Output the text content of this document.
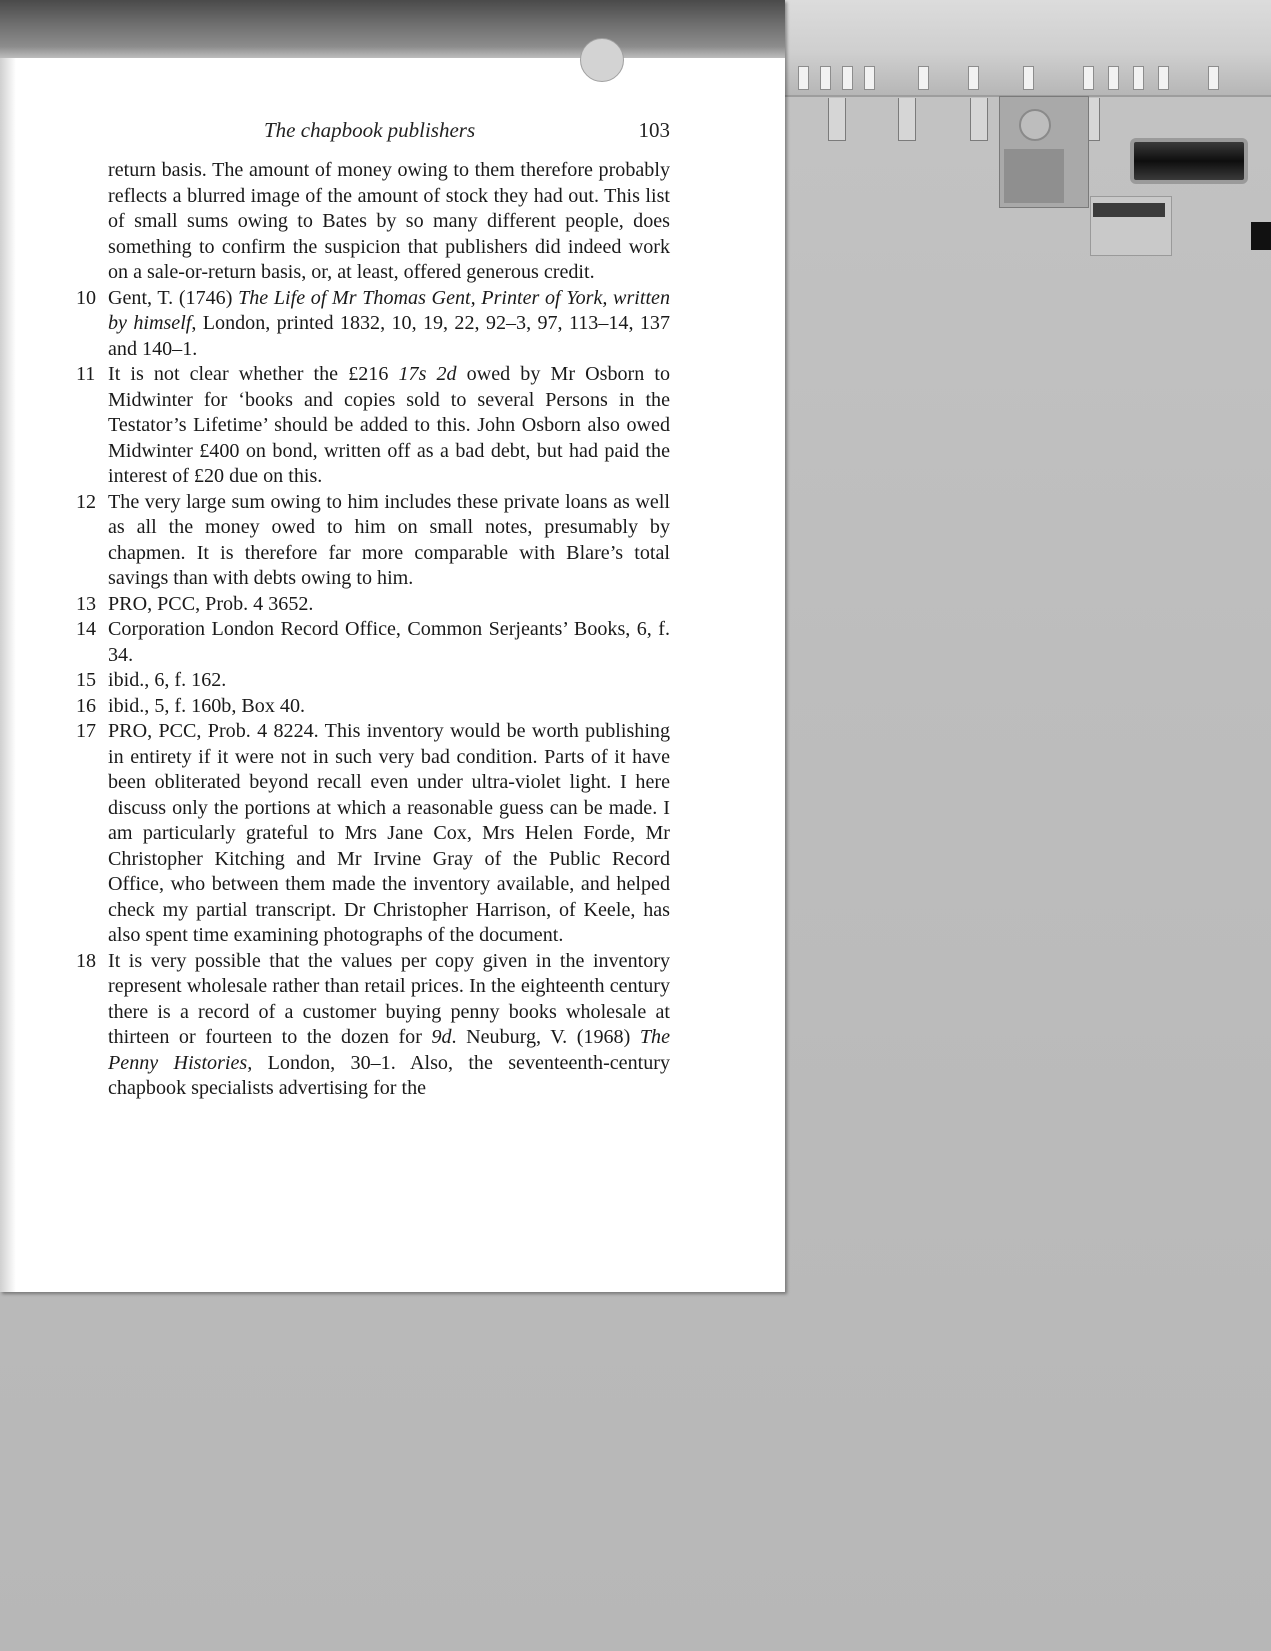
The chapbook publishers	103
return basis. The amount of money owing to them therefore probably reflects a blurred image of the amount of stock they had out. This list of small sums owing to Bates by so many different people, does something to confirm the suspicion that publishers did indeed work on a sale-or-return basis, or, at least, offered generous credit.
10 Gent, T. (1746) The Life of Mr Thomas Gent, Printer of York, written by himself, London, printed 1832, 10, 19, 22, 92–3, 97, 113–14, 137 and 140–1.
11 It is not clear whether the £216 17s 2d owed by Mr Osborn to Midwinter for ‘books and copies sold to several Persons in the Testator’s Lifetime’ should be added to this. John Osborn also owed Midwinter £400 on bond, written off as a bad debt, but had paid the interest of £20 due on this.
12 The very large sum owing to him includes these private loans as well as all the money owed to him on small notes, presumably by chapmen. It is therefore far more comparable with Blare’s total savings than with debts owing to him.
13 PRO, PCC, Prob. 4 3652.
14 Corporation London Record Office, Common Serjeants’ Books, 6, f. 34.
15 ibid., 6, f. 162.
16 ibid., 5, f. 160b, Box 40.
17 PRO, PCC, Prob. 4 8224. This inventory would be worth publishing in entirety if it were not in such very bad condition. Parts of it have been obliterated beyond recall even under ultra-violet light. I here discuss only the portions at which a reasonable guess can be made. I am particularly grateful to Mrs Jane Cox, Mrs Helen Forde, Mr Christopher Kitching and Mr Irvine Gray of the Public Record Office, who between them made the inventory available, and helped check my partial transcript. Dr Christopher Harrison, of Keele, has also spent time examining photographs of the document.
18 It is very possible that the values per copy given in the inventory represent wholesale rather than retail prices. In the eighteenth century there is a record of a customer buying penny books wholesale at thirteen or fourteen to the dozen for 9d. Neuburg, V. (1968) The Penny Histories, London, 30–1. Also, the seventeenth-century chapbook specialists advertising for the
